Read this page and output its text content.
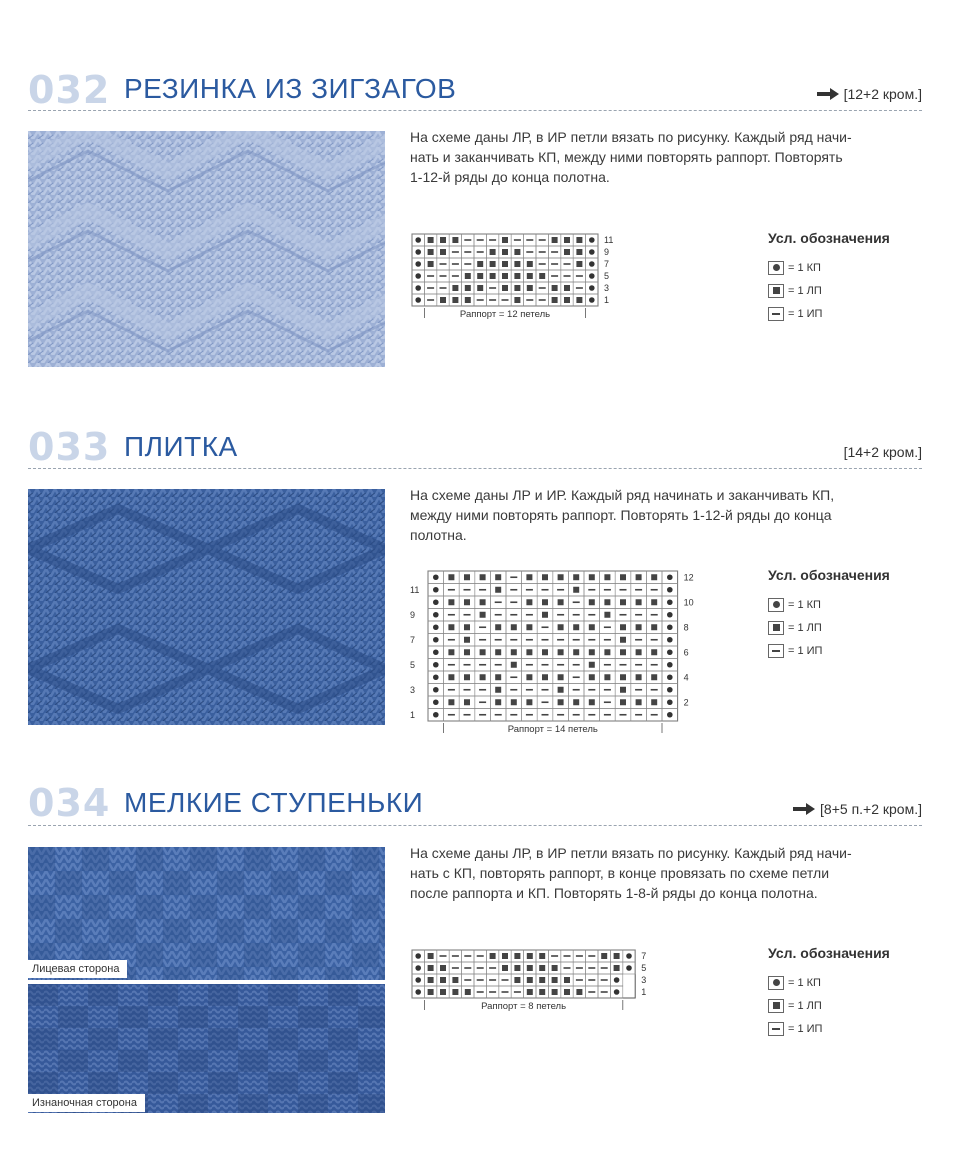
032 РЕЗИНКА ИЗ ЗИГЗАГОВ	[12+2 кром.]
На схеме даны ЛР, в ИР петли вязать по рисунку. Каждый ряд начи-
нать и заканчивать КП, между ними повторять раппорт. Повторять
1-12-й ряды до конца полотна.
11
9
7
5
3
1
Раппорт = 12 петель
Усл. обозначения
= 1 КП
= 1 ЛП
= 1 ИП
033 ПЛИТКА	[14+2 кром.]
На схеме даны ЛР и ИР. Каждый ряд начинать и заканчивать КП,
между ними повторять раппорт. Повторять 1-12-й ряды до конца
полотна.
12
11
10
9
8
7
6
5
4
3
2
1
Раппорт = 14 петель
Усл. обозначения
= 1 КП
= 1 ЛП
= 1 ИП
034 МЕЛКИЕ СТУПЕНЬКИ	[8+5 п.+2 кром.]
Лицевая сторона
Изнаночная сторона
На схеме даны ЛР, в ИР петли вязать по рисунку. Каждый ряд начи-
нать с КП, повторять раппорт, в конце провязать по схеме петли
после раппорта и КП. Повторять 1-8-й ряды до конца полотна.
7
5
3
1
Раппорт = 8 петель
Усл. обозначения
= 1 КП
= 1 ЛП
= 1 ИП
